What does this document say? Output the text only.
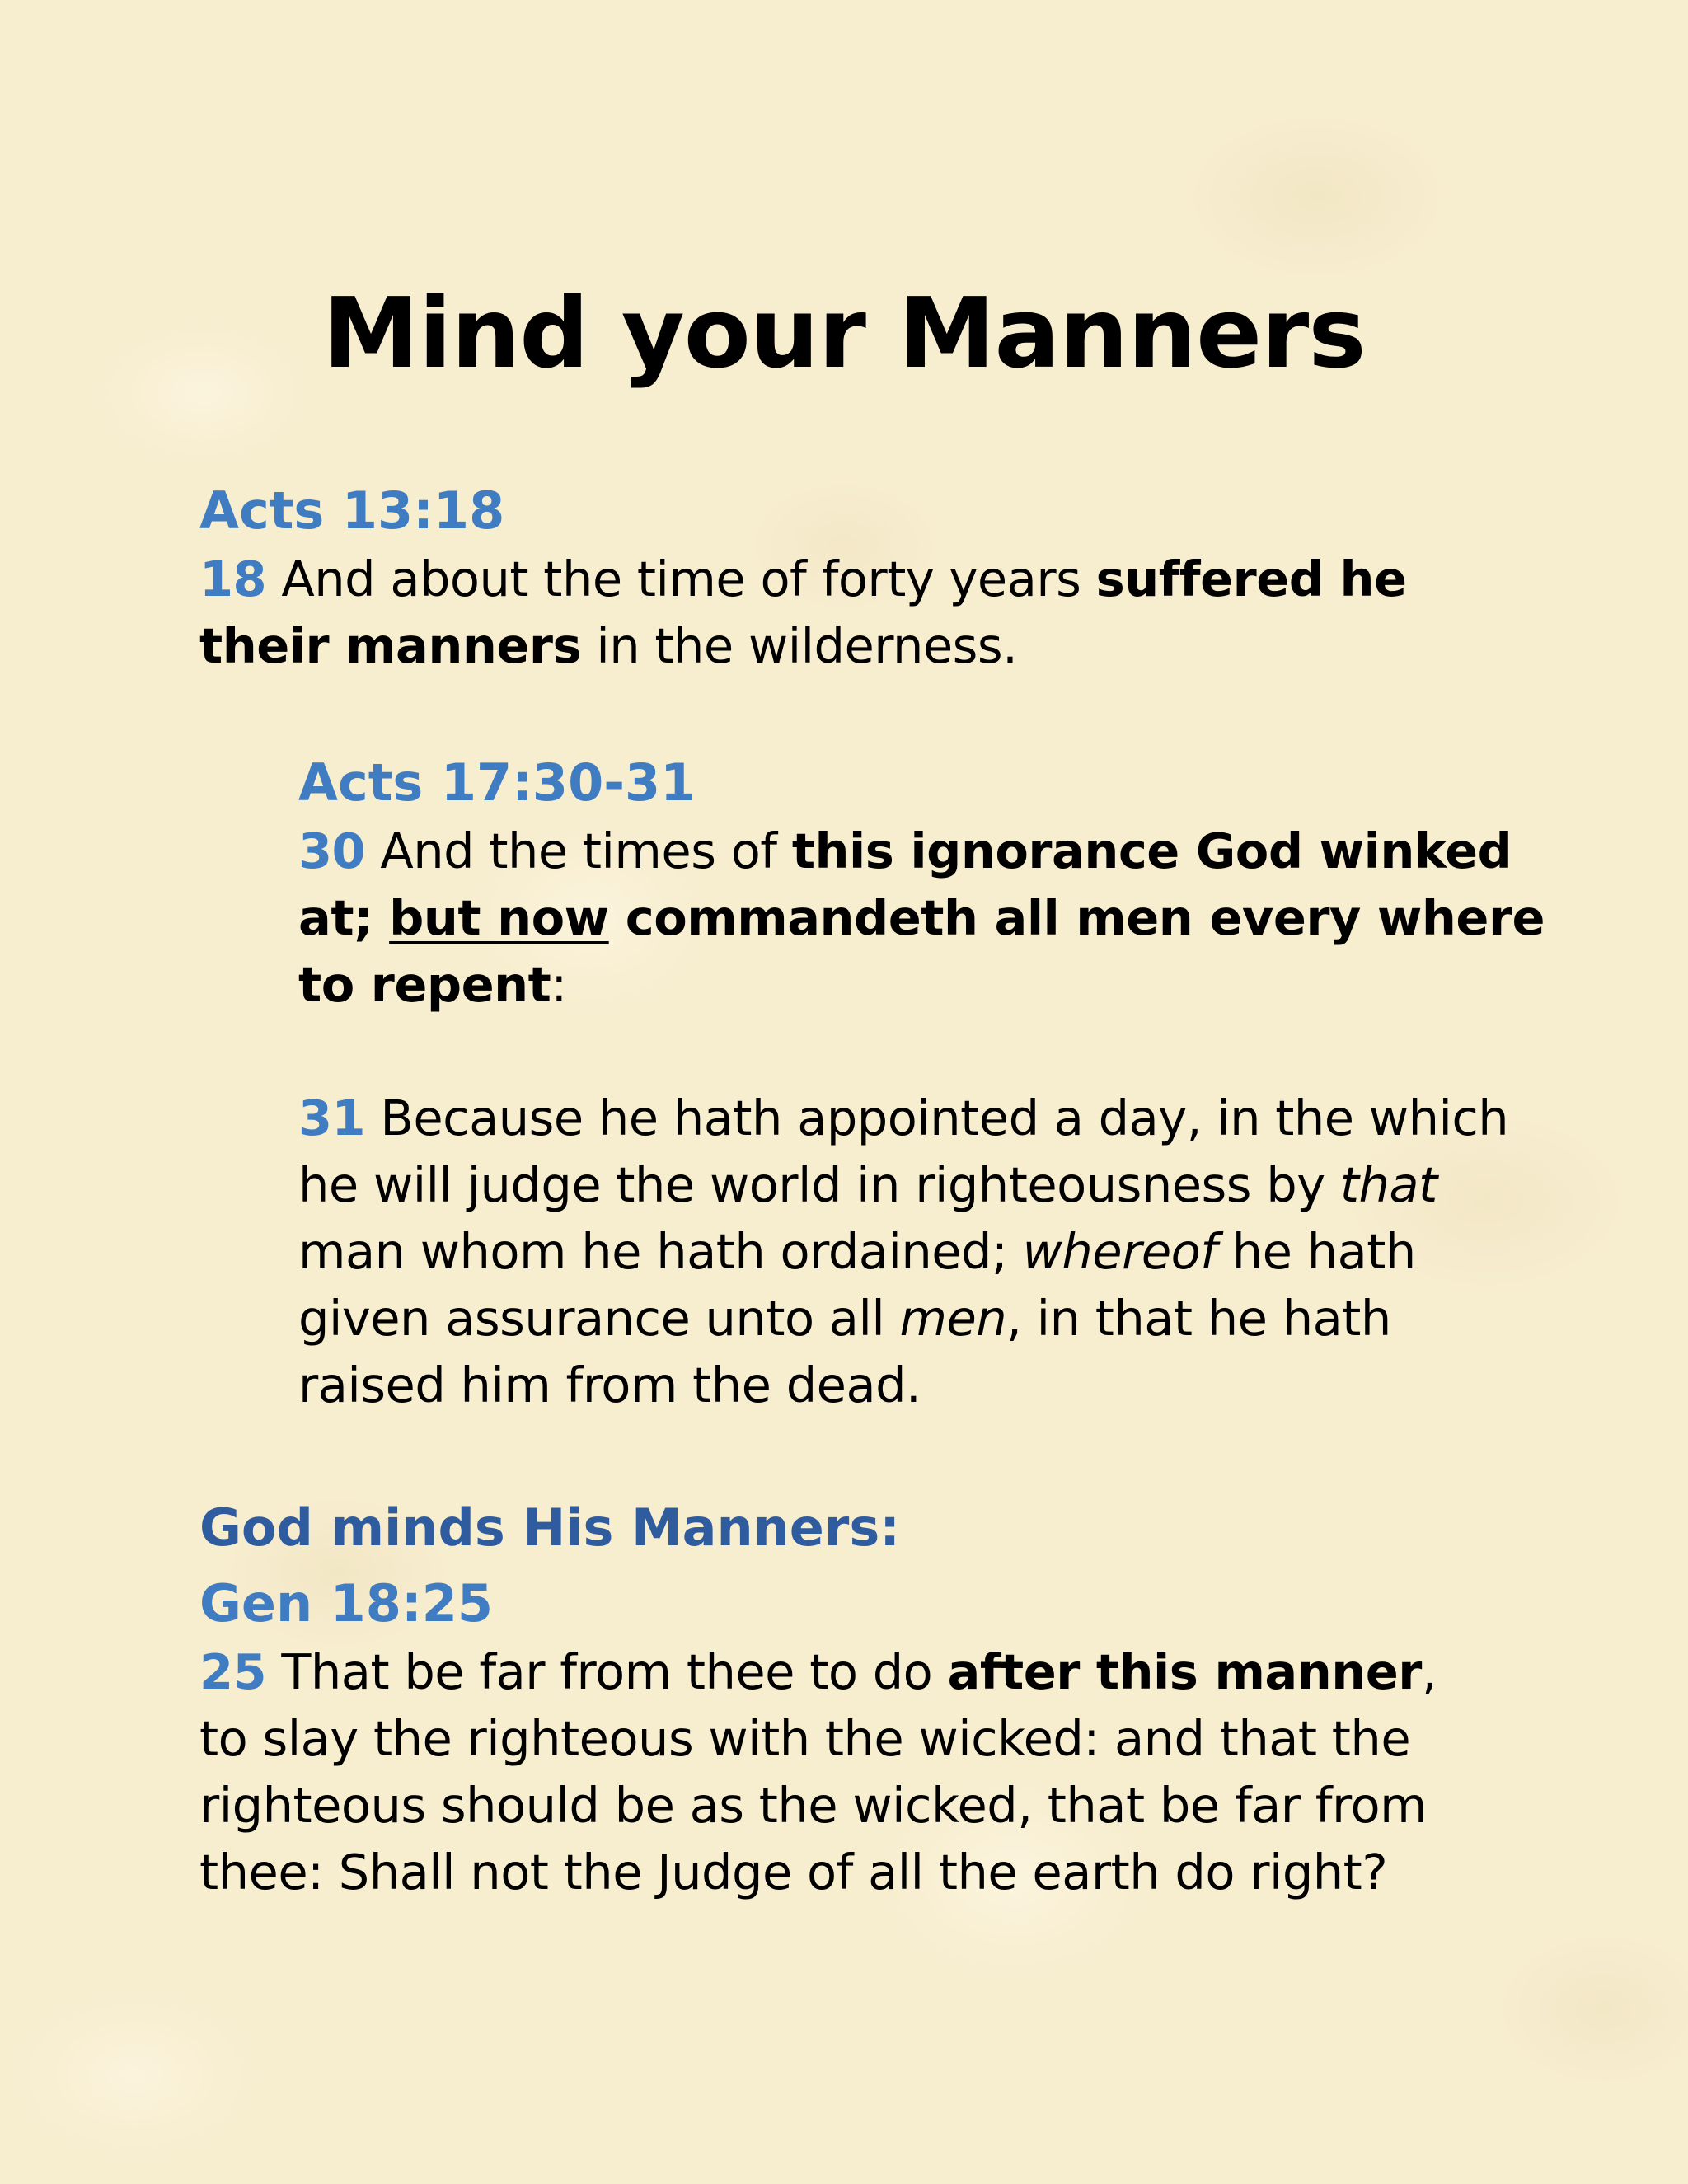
Mind your Manners

Acts 13:18

18 And about the time of forty years suffered he their manners in the wilderness.

Acts 17:30-31

30 And the times of this ignorance God winked at; but now commandeth all men every where to repent:

31 Because he hath appointed a day, in the which he will judge the world in righteousness by that man whom he hath ordained; whereof he hath given assurance unto all men, in that he hath raised him from the dead.

God minds His Manners:

Gen 18:25

25 That be far from thee to do after this manner, to slay the righteous with the wicked: and that the righteous should be as the wicked, that be far from thee: Shall not the Judge of all the earth do right?
